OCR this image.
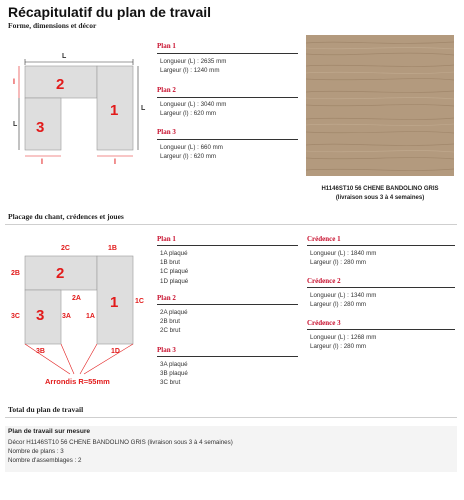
Récapitulatif du plan de travail
Forme, dimensions et décor
L
2
1
3
l
L
L
l	l
Plan 1
Longueur (L) : 2635 mm
Largeur (l) : 1240 mm
Plan 2
Longueur (L) : 3040 mm
Largeur (l) : 620 mm
Plan 3
Longueur (L) : 660 mm
Largeur (l) : 620 mm
H1146ST10 56 CHENE BANDOLINO GRIS
(livraison sous 3 à 4 semaines)
Placage du chant, crédences et joues
2
1
3
2C	1B
2B
2A
3C	3A 1A
1C
3B	1D
Arrondis R=55mm
Plan 1
1A plaqué
1B brut
1C plaqué
1D plaqué
Plan 2
2A plaqué
2B brut
2C brut
Plan 3
3A plaqué
3B plaqué
3C brut
Crédence 1
Longueur (L) : 1840 mm
Largeur (l) : 280 mm
Crédence 2
Longueur (L) : 1340 mm
Largeur (l) : 280 mm
Crédence 3
Longueur (L) : 1268 mm
Largeur (l) : 280 mm
Total du plan de travail
Plan de travail sur mesure
Décor H1146ST10 56 CHENE BANDOLINO GRIS (livraison sous 3 à 4 semaines)
Nombre de plans : 3
Nombre d'assemblages : 2
